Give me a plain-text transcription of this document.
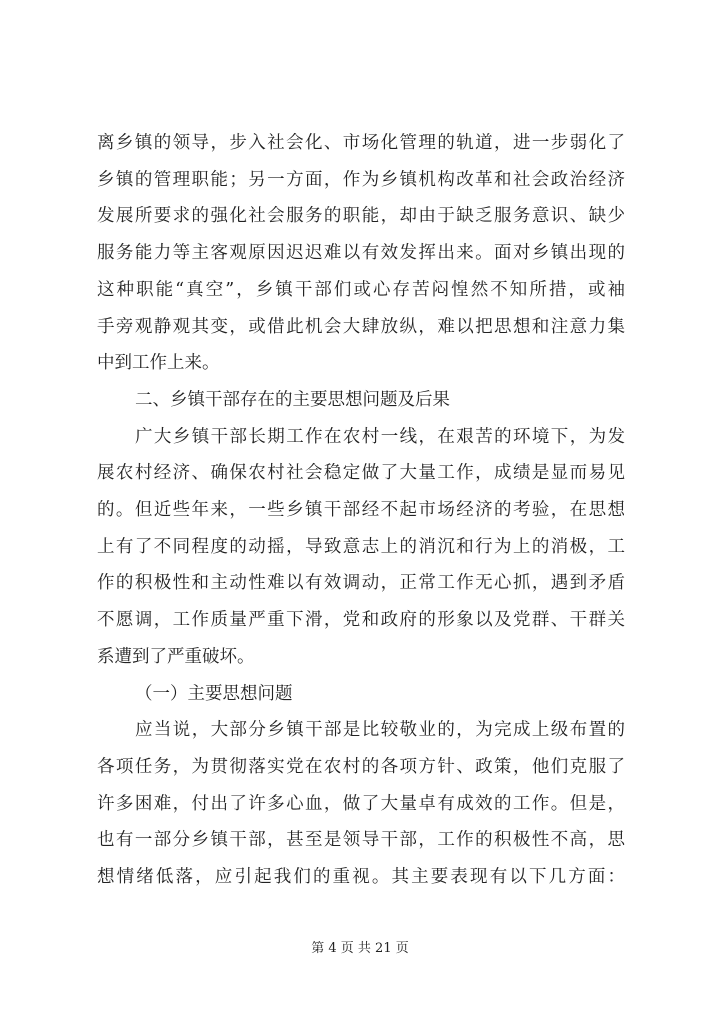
离乡镇的领导，步入社会化、市场化管理的轨道，进一步弱化了
乡镇的管理职能；另一方面，作为乡镇机构改革和社会政治经济
发展所要求的强化社会服务的职能，却由于缺乏服务意识、缺少
服务能力等主客观原因迟迟难以有效发挥出来。面对乡镇出现的
这种职能“真空”，乡镇干部们或心存苦闷惶然不知所措，或袖
手旁观静观其变，或借此机会大肆放纵，难以把思想和注意力集
中到工作上来。
二、乡镇干部存在的主要思想问题及后果
广大乡镇干部长期工作在农村一线，在艰苦的环境下，为发
展农村经济、确保农村社会稳定做了大量工作，成绩是显而易见
的。但近些年来，一些乡镇干部经不起市场经济的考验，在思想
上有了不同程度的动摇，导致意志上的消沉和行为上的消极，工
作的积极性和主动性难以有效调动，正常工作无心抓，遇到矛盾
不愿调，工作质量严重下滑，党和政府的形象以及党群、干群关
系遭到了严重破坏。
（一）主要思想问题
应当说，大部分乡镇干部是比较敬业的，为完成上级布置的
各项任务，为贯彻落实党在农村的各项方针、政策，他们克服了
许多困难，付出了许多心血，做了大量卓有成效的工作。但是，
也有一部分乡镇干部，甚至是领导干部，工作的积极性不高，思
想情绪低落，应引起我们的重视。其主要表现有以下几方面：
第 4 页 共 21 页
